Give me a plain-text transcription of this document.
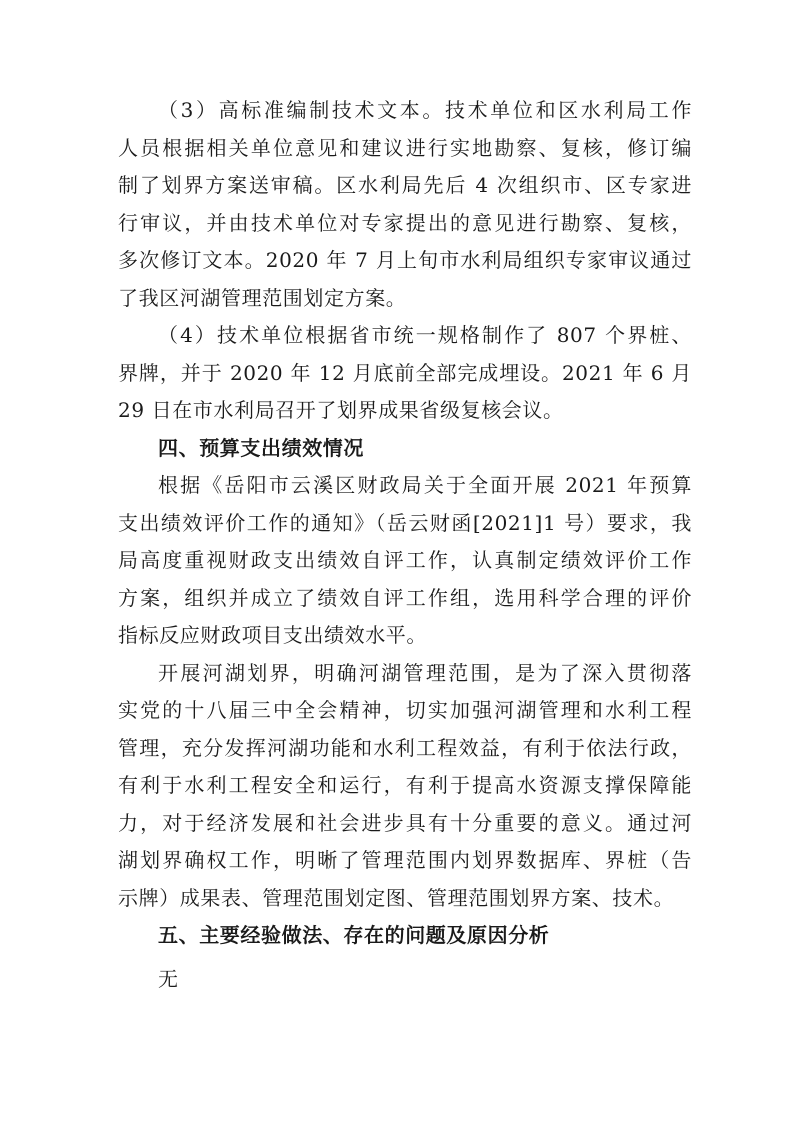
（3）高标准编制技术文本。技术单位和区水利局工作
人员根据相关单位意见和建议进行实地勘察、复核，修订编
制了划界方案送审稿。区水利局先后 4 次组织市、区专家进
行审议，并由技术单位对专家提出的意见进行勘察、复核，
多次修订文本。2020 年 7 月上旬市水利局组织专家审议通过
了我区河湖管理范围划定方案。
（4）技术单位根据省市统一规格制作了 807 个界桩、
界牌，并于 2020 年 12 月底前全部完成埋设。2021 年 6 月
29 日在市水利局召开了划界成果省级复核会议。
四、预算支出绩效情况
根据《岳阳市云溪区财政局关于全面开展 2021 年预算
支出绩效评价工作的通知》（岳云财函[2021]1 号）要求，我
局高度重视财政支出绩效自评工作，认真制定绩效评价工作
方案，组织并成立了绩效自评工作组，选用科学合理的评价
指标反应财政项目支出绩效水平。
开展河湖划界，明确河湖管理范围，是为了深入贯彻落
实党的十八届三中全会精神，切实加强河湖管理和水利工程
管理，充分发挥河湖功能和水利工程效益，有利于依法行政，
有利于水利工程安全和运行，有利于提高水资源支撑保障能
力，对于经济发展和社会进步具有十分重要的意义。通过河
湖划界确权工作，明晰了管理范围内划界数据库、界桩（告
示牌）成果表、管理范围划定图、管理范围划界方案、技术。
五、主要经验做法、存在的问题及原因分析
无
